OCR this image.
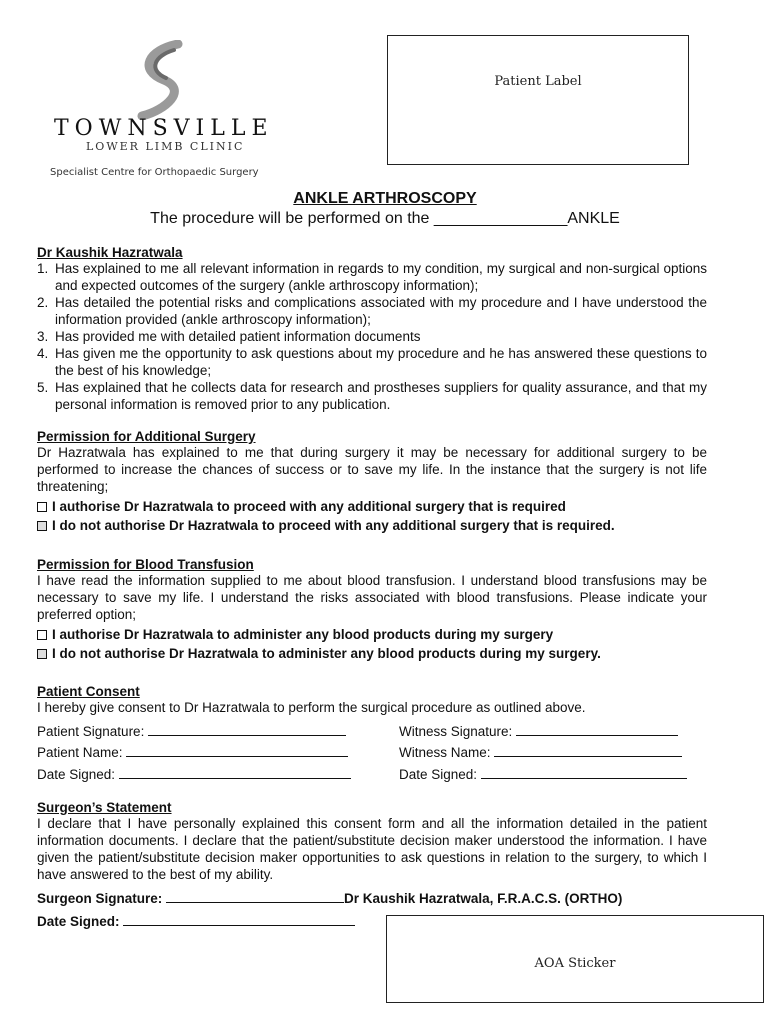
TOWNSVILLE
LOWER LIMB CLINIC
Specialist Centre for Orthopaedic Surgery
Patient Label
ANKLE ARTHROSCOPY
The procedure will be performed on the _______________ANKLE
Dr Kaushik Hazratwala
1. Has explained to me all relevant information in regards to my condition, my surgical and non-surgical options and expected outcomes of the surgery (ankle arthroscopy information);
2. Has detailed the potential risks and complications associated with my procedure and I have understood the information provided (ankle arthroscopy information);
3. Has provided me with detailed patient information documents
4. Has given me the opportunity to ask questions about my procedure and he has answered these questions to the best of his knowledge;
5. Has explained that he collects data for research and prostheses suppliers for quality assurance, and that my personal information is removed prior to any publication.
Permission for Additional Surgery
Dr Hazratwala has explained to me that during surgery it may be necessary for additional surgery to be performed to increase the chances of success or to save my life. In the instance that the surgery is not life threatening;
I authorise Dr Hazratwala to proceed with any additional surgery that is required
I do not authorise Dr Hazratwala to proceed with any additional surgery that is required.
Permission for Blood Transfusion
I have read the information supplied to me about blood transfusion. I understand blood transfusions may be necessary to save my life. I understand the risks associated with blood transfusions. Please indicate your preferred option;
I authorise Dr Hazratwala to administer any blood products during my surgery
I do not authorise Dr Hazratwala to administer any blood products during my surgery.
Patient Consent
I hereby give consent to Dr Hazratwala to perform the surgical procedure as outlined above.
Patient Signature:
Patient Name:
Date Signed:
Witness Signature:
Witness Name:
Date Signed:
Surgeon’s Statement
I declare that I have personally explained this consent form and all the information detailed in the patient information documents. I declare that the patient/substitute decision maker understood the information. I have given the patient/substitute decision maker opportunities to ask questions in relation to the surgery, to which I have answered to the best of my ability.
Surgeon Signature:	Dr Kaushik Hazratwala, F.R.A.C.S. (ORTHO)
Date Signed:
AOA Sticker
